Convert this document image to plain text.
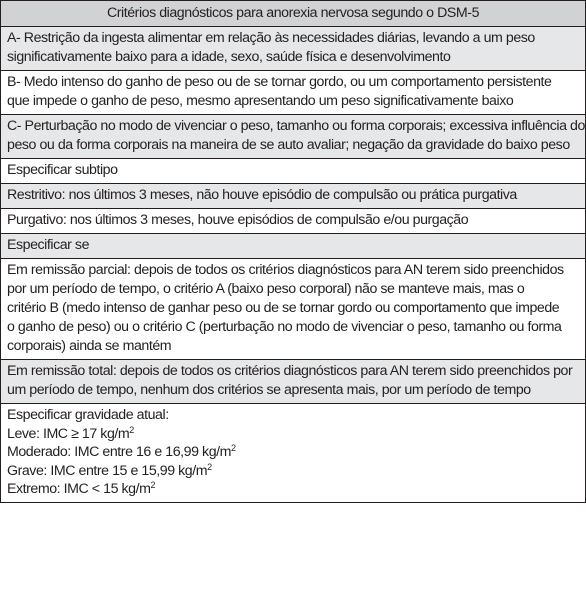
Critérios diagnósticos para anorexia nervosa segundo o DSM-5
A- Restrição da ingesta alimentar em relação às necessidades diárias, levando a um peso
significativamente baixo para a idade, sexo, saúde física e desenvolvimento
B- Medo intenso do ganho de peso ou de se tornar gordo, ou um comportamento persistente
que impede o ganho de peso, mesmo apresentando um peso significativamente baixo
C- Perturbação no modo de vivenciar o peso, tamanho ou forma corporais; excessiva influência do
peso ou da forma corporais na maneira de se auto avaliar; negação da gravidade do baixo peso
Especificar subtipo
Restritivo: nos últimos 3 meses, não houve episódio de compulsão ou prática purgativa
Purgativo: nos últimos 3 meses, houve episódios de compulsão e/ou purgação
Especificar se
Em remissão parcial: depois de todos os critérios diagnósticos para AN terem sido preenchidos
por um período de tempo, o critério A (baixo peso corporal) não se manteve mais, mas o
critério B (medo intenso de ganhar peso ou de se tornar gordo ou comportamento que impede
o ganho de peso) ou o critério C (perturbação no modo de vivenciar o peso, tamanho ou forma
corporais) ainda se mantém
Em remissão total: depois de todos os critérios diagnósticos para AN terem sido preenchidos por
um período de tempo, nenhum dos critérios se apresenta mais, por um período de tempo
Especificar gravidade atual:
Leve: IMC ≥ 17 $kg/m^2$
Moderado: IMC entre 16 e 16,99 $kg/m^2$
Grave: IMC entre 15 e 15,99 $kg/m^2$
Extremo: IMC < 15 $kg/m^2$
